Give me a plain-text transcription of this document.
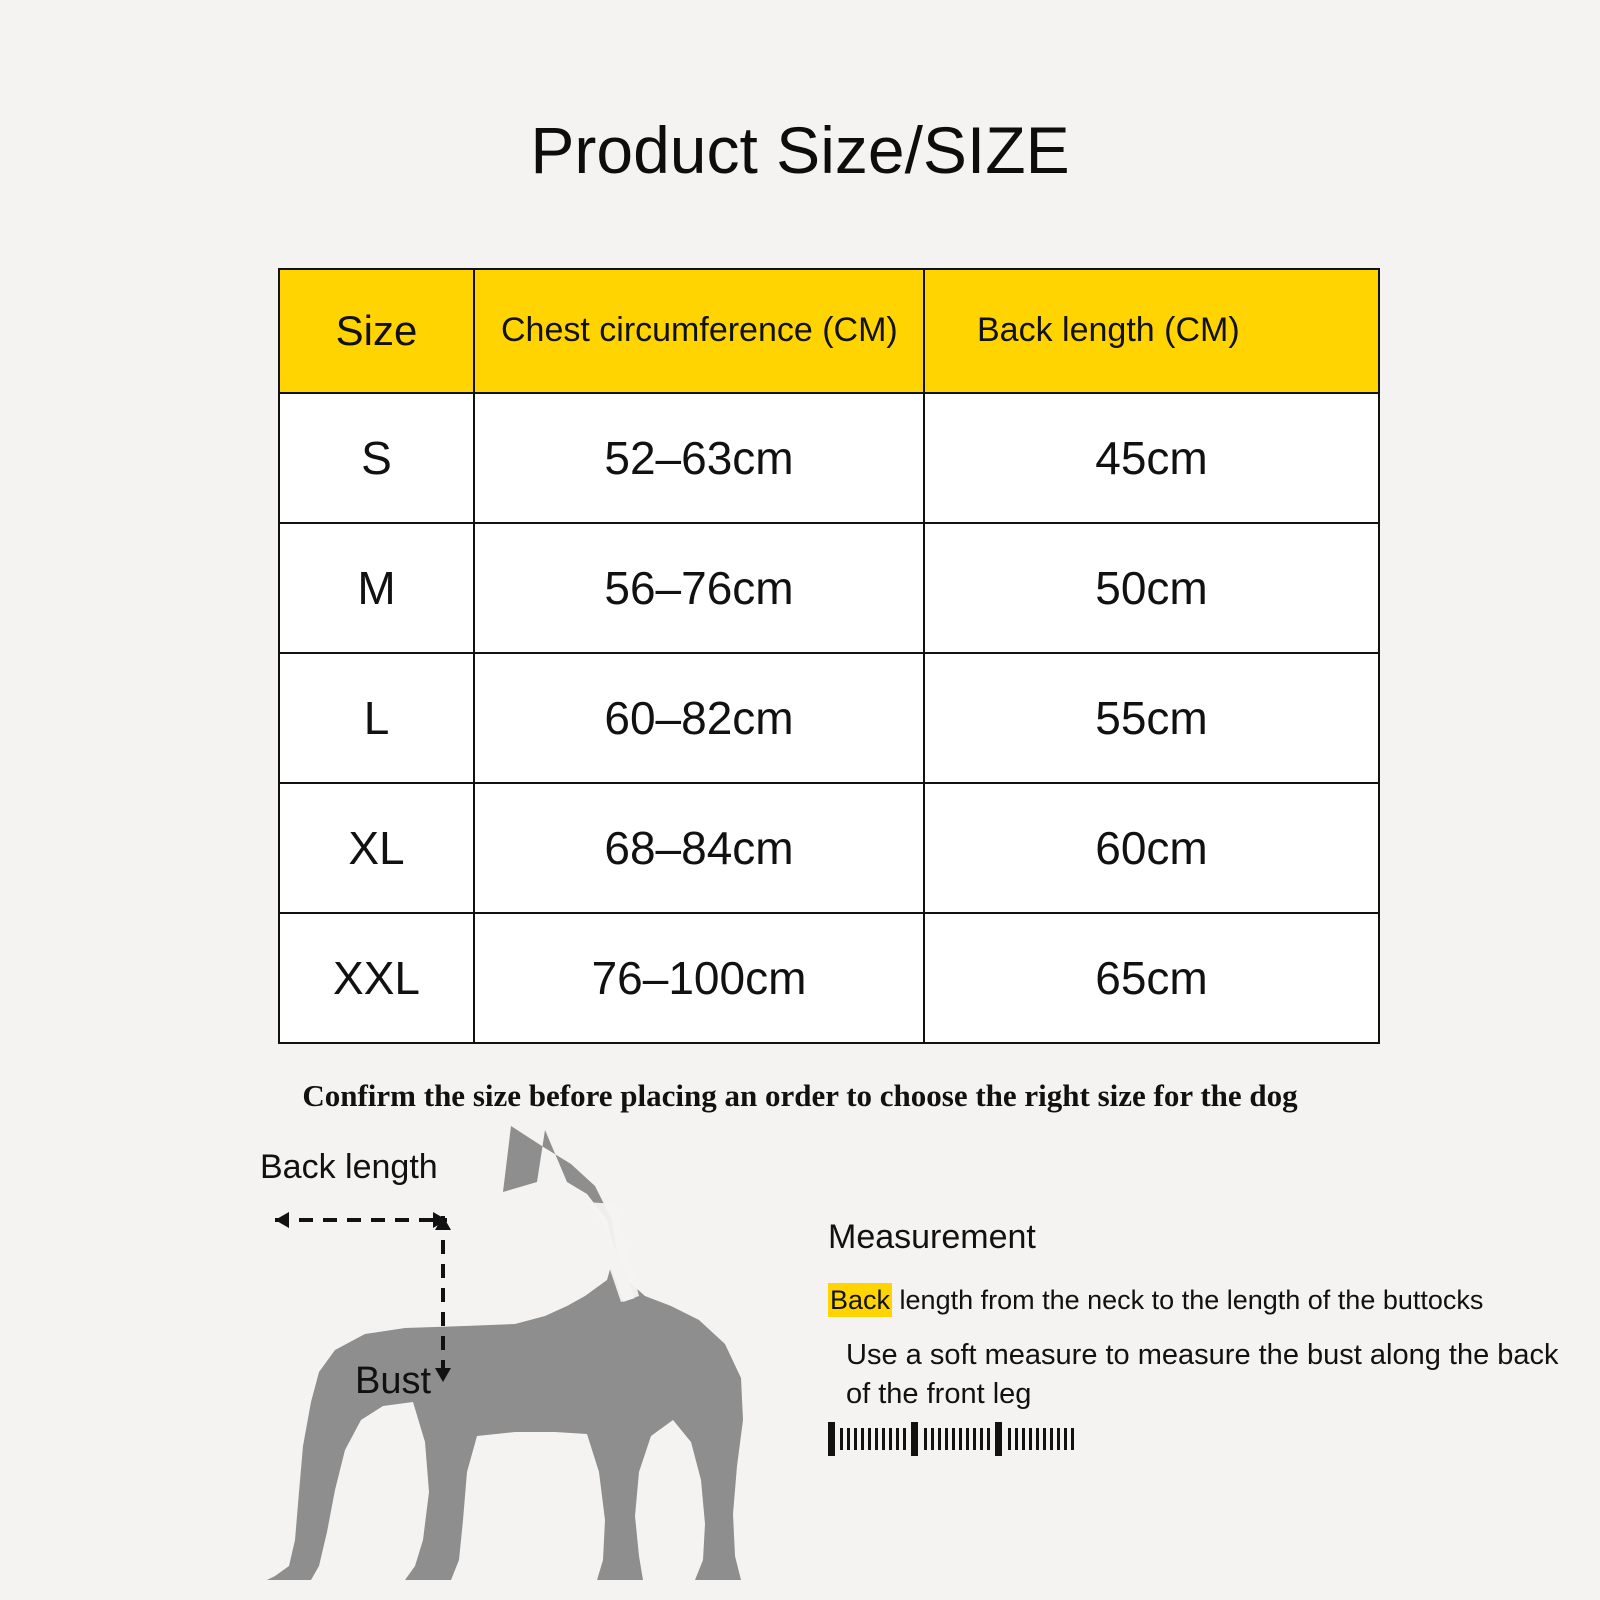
Product Size/SIZE
Size	Chest circumference (CM)	Back length (CM)
S	52–63cm	45cm
M	56–76cm	50cm
L	60–82cm	55cm
XL	68–84cm	60cm
XXL	76–100cm	65cm
Confirm the size before placing an order to choose the right size for the dog
Back length
Bust
Measurement
Back length from the neck to the length of the buttocks
Use a soft measure to measure the bust along the back of the front leg
